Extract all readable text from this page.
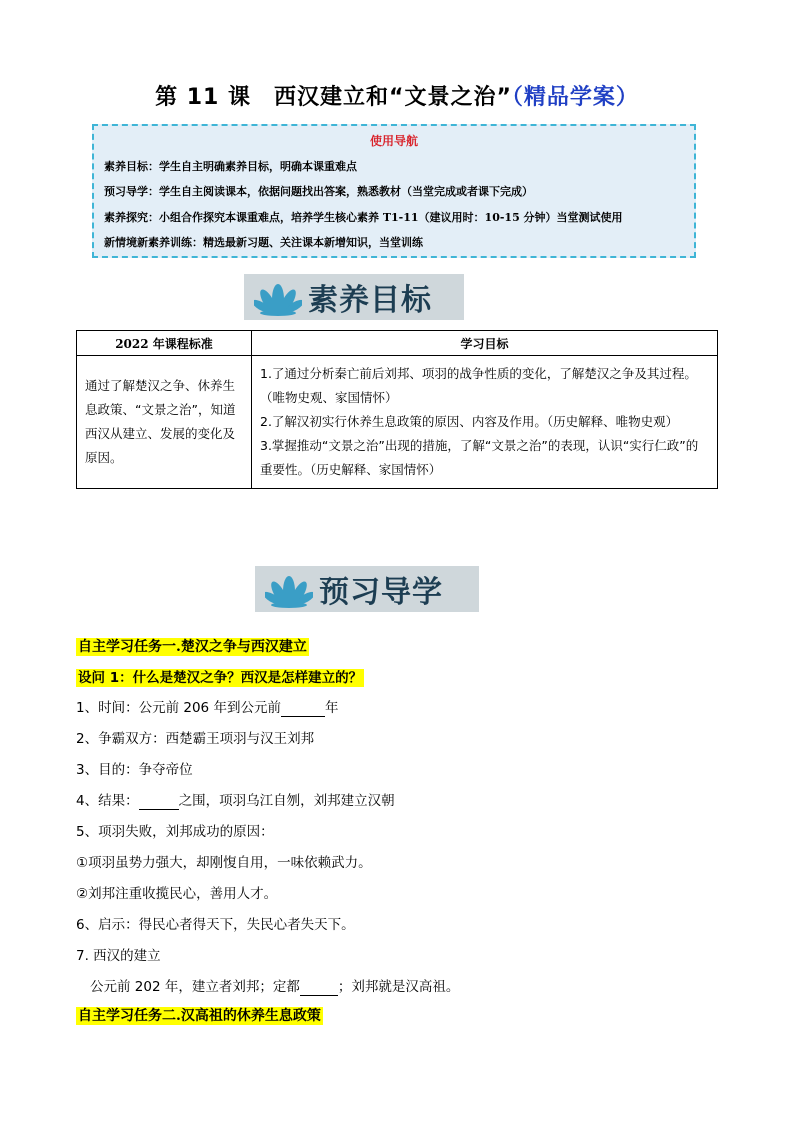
第 11 课　西汉建立和“文景之治”（精品学案）
使用导航
素养目标：学生自主明确素养目标，明确本课重难点
预习导学：学生自主阅读课本，依据问题找出答案，熟悉教材（当堂完成或者课下完成）
素养探究：小组合作探究本课重难点，培养学生核心素养 T1-11（建议用时：10-15 分钟）当堂测试使用
新情境新素养训练：精选最新习题、关注课本新增知识，当堂训练
素养目标
2022 年课程标准	学习目标
通过了解楚汉之争、休养生息政策、“文景之治”，知道西汉从建立、发展的变化及原因。	1.了通过分析秦亡前后刘邦、项羽的战争性质的变化，了解楚汉之争及其过程。 （唯物史观、家国情怀）

2.了解汉初实行休养生息政策的原因、内容及作用。（历史解释、唯物史观）

3.掌握推动“文景之治”出现的措施，了解“文景之治”的表现，认识“实行仁政”的重要性。（历史解释、家国情怀）

预习导学
自主学习任务一.楚汉之争与西汉建立
设问 1：什么是楚汉之争？西汉是怎样建立的？
1、时间：公元前 206 年到公元前	年
2、争霸双方：西楚霸王项羽与汉王刘邦
3、目的：争夺帝位
4、结果：	之围，项羽乌江自刎，刘邦建立汉朝
5、项羽失败，刘邦成功的原因：
①项羽虽势力强大，却刚愎自用，一味依赖武力。
②刘邦注重收揽民心，善用人才。
6、启示：得民心者得天下，失民心者失天下。
7. 西汉的建立
公元前 202 年，建立者刘邦；定都	；刘邦就是汉高祖。
自主学习任务二.汉高祖的休养生息政策
